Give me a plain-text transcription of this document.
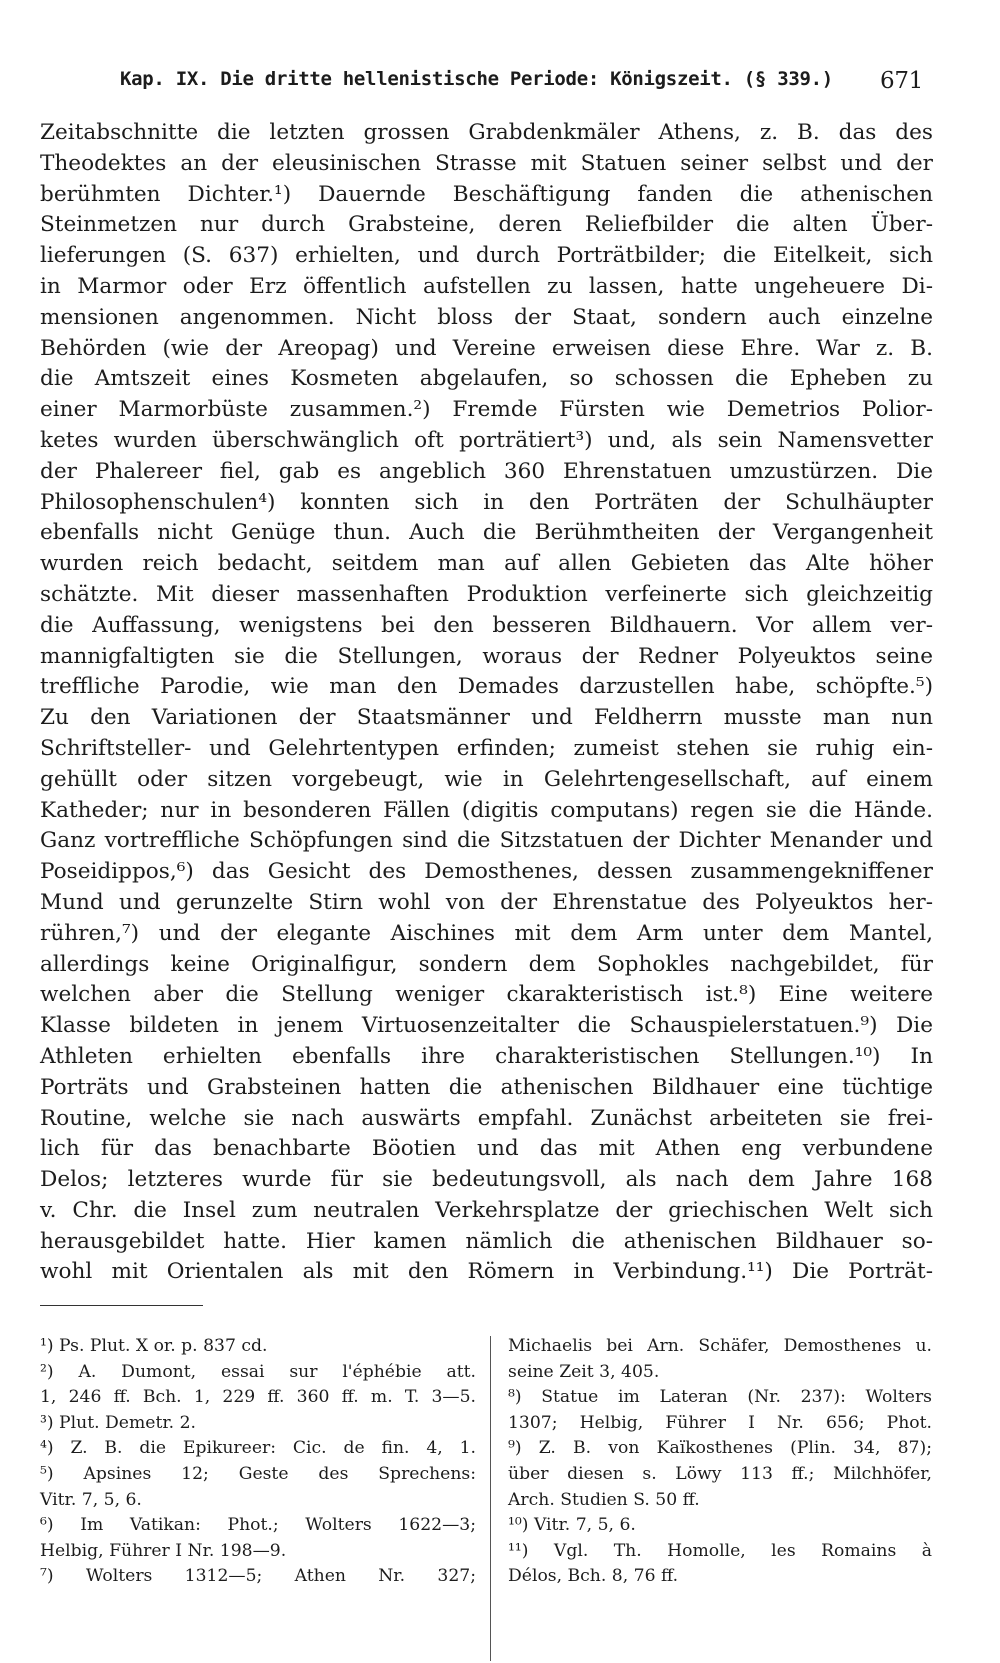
Kap. IX. Die dritte hellenistische Periode: Königszeit. (§ 339.) 671
Zeitabschnitte die letzten grossen Grabdenkmäler Athens, z. B. das des
Theodektes an der eleusinischen Strasse mit Statuen seiner selbst und der
berühmten Dichter.¹) Dauernde Beschäftigung fanden die athenischen
Steinmetzen nur durch Grabsteine, deren Reliefbilder die alten Über-
lieferungen (S. 637) erhielten, und durch Porträtbilder; die Eitelkeit, sich
in Marmor oder Erz öffentlich aufstellen zu lassen, hatte ungeheuere Di-
mensionen angenommen. Nicht bloss der Staat, sondern auch einzelne
Behörden (wie der Areopag) und Vereine erweisen diese Ehre. War z. B.
die Amtszeit eines Kosmeten abgelaufen, so schossen die Epheben zu
einer Marmorbüste zusammen.²) Fremde Fürsten wie Demetrios Polior-
ketes wurden überschwänglich oft porträtiert³) und, als sein Namensvetter
der Phalereer fiel, gab es angeblich 360 Ehrenstatuen umzustürzen. Die
Philosophenschulen⁴) konnten sich in den Porträten der Schulhäupter
ebenfalls nicht Genüge thun. Auch die Berühmtheiten der Vergangenheit
wurden reich bedacht, seitdem man auf allen Gebieten das Alte höher
schätzte. Mit dieser massenhaften Produktion verfeinerte sich gleichzeitig
die Auffassung, wenigstens bei den besseren Bildhauern. Vor allem ver-
mannigfaltigten sie die Stellungen, woraus der Redner Polyeuktos seine
treffliche Parodie, wie man den Demades darzustellen habe, schöpfte.⁵)
Zu den Variationen der Staatsmänner und Feldherrn musste man nun
Schriftsteller- und Gelehrtentypen erfinden; zumeist stehen sie ruhig ein-
gehüllt oder sitzen vorgebeugt, wie in Gelehrtengesellschaft, auf einem
Katheder; nur in besonderen Fällen (digitis computans) regen sie die Hände.
Ganz vortreffliche Schöpfungen sind die Sitzstatuen der Dichter Menander und
Poseidippos,⁶) das Gesicht des Demosthenes, dessen zusammengekniffener
Mund und gerunzelte Stirn wohl von der Ehrenstatue des Polyeuktos her-
rühren,⁷) und der elegante Aischines mit dem Arm unter dem Mantel,
allerdings keine Originalfigur, sondern dem Sophokles nachgebildet, für
welchen aber die Stellung weniger ckarakteristisch ist.⁸) Eine weitere
Klasse bildeten in jenem Virtuosenzeitalter die Schauspielerstatuen.⁹) Die
Athleten erhielten ebenfalls ihre charakteristischen Stellungen.¹⁰) In
Porträts und Grabsteinen hatten die athenischen Bildhauer eine tüchtige
Routine, welche sie nach auswärts empfahl. Zunächst arbeiteten sie frei-
lich für das benachbarte Böotien und das mit Athen eng verbundene
Delos; letzteres wurde für sie bedeutungsvoll, als nach dem Jahre 168
v. Chr. die Insel zum neutralen Verkehrsplatze der griechischen Welt sich
herausgebildet hatte. Hier kamen nämlich die athenischen Bildhauer so-
wohl mit Orientalen als mit den Römern in Verbindung.¹¹) Die Porträt-
¹) Ps. Plut. X or. p. 837 cd.
²) A. Dumont, essai sur l'éphébie att.
1, 246 ff. Bch. 1, 229 ff. 360 ff. m. T. 3—5.
³) Plut. Demetr. 2.
⁴) Z. B. die Epikureer: Cic. de fin. 4, 1.
⁵) Apsines 12; Geste des Sprechens:
Vitr. 7, 5, 6.
⁶) Im Vatikan: Phot.; Wolters 1622—3;
Helbig, Führer I Nr. 198—9.
⁷) Wolters 1312—5; Athen Nr. 327;
Michaelis bei Arn. Schäfer, Demosthenes u.
seine Zeit 3, 405.
⁸) Statue im Lateran (Nr. 237): Wolters
1307; Helbig, Führer I Nr. 656; Phot.
⁹) Z. B. von Kaïkosthenes (Plin. 34, 87);
über diesen s. Löwy 113 ff.; Milchhöfer,
Arch. Studien S. 50 ff.
¹⁰) Vitr. 7, 5, 6.
¹¹) Vgl. Th. Homolle, les Romains à
Délos, Bch. 8, 76 ff.
